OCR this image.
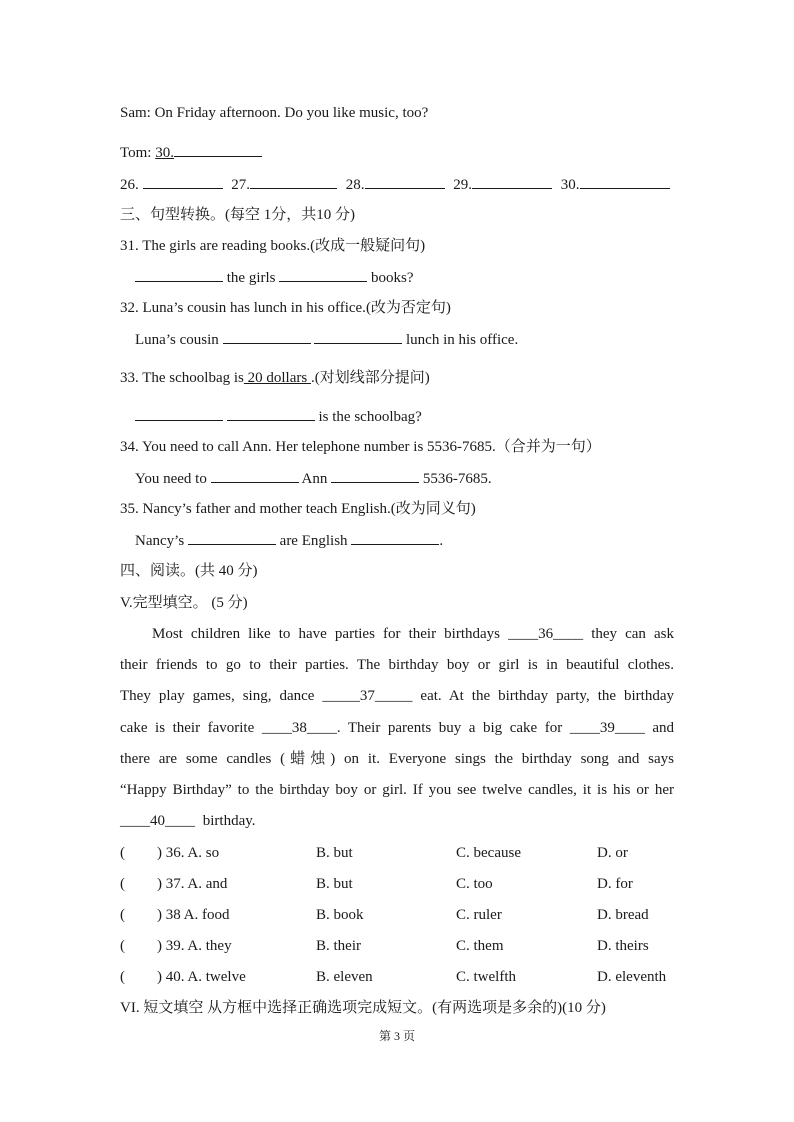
Sam: On Friday afternoon. Do you like music, too?
Tom: 30.
26.	27.	28.	29.	30.
三、句型转换。(每空 1分，共10 分)
31. The girls are reading books.(改成一般疑问句)
the girls	books?
32. Luna’s cousin has lunch in his office.(改为否定句)
Luna’s cousin	lunch in his office.
33. The schoolbag is 20 dollars .(对划线部分提问)
is the schoolbag?
34. You need to call Ann. Her telephone number is 5536-7685.（合并为一句）
You need to	Ann	5536-7685.
35. Nancy’s father and mother teach English.(改为同义句)
Nancy’s	are English	.
四、阅读。(共 40 分)
V.完型填空。 (5 分)
Most children like to have parties for their birthdays ____36____ they can ask
their friends to go to their parties. The birthday boy or girl is in beautiful clothes.
They play games, sing, dance _____37_____ eat. At the birthday party, the birthday
cake is their favorite ____38____. Their parents buy a big cake for ____39____ and
there are some candles (蜡烛) on it. Everyone sings the birthday song and says
“Happy Birthday” to the birthday boy or girl. If you see twelve candles, it is his or her
____40____ birthday.
( ) 36. A. so	B. but	C. because	D. or
( ) 37. A. and	B. but	C. too	D. for
( ) 38 A. food	B. book	C. ruler	D. bread
( ) 39. A. they	B. their	C. them	D. theirs
( ) 40. A. twelve	B. eleven	C. twelfth	D. eleventh
VI. 短文填空 从方框中选择正确选项完成短文。(有两选项是多余的)(10 分)
第 3 页
